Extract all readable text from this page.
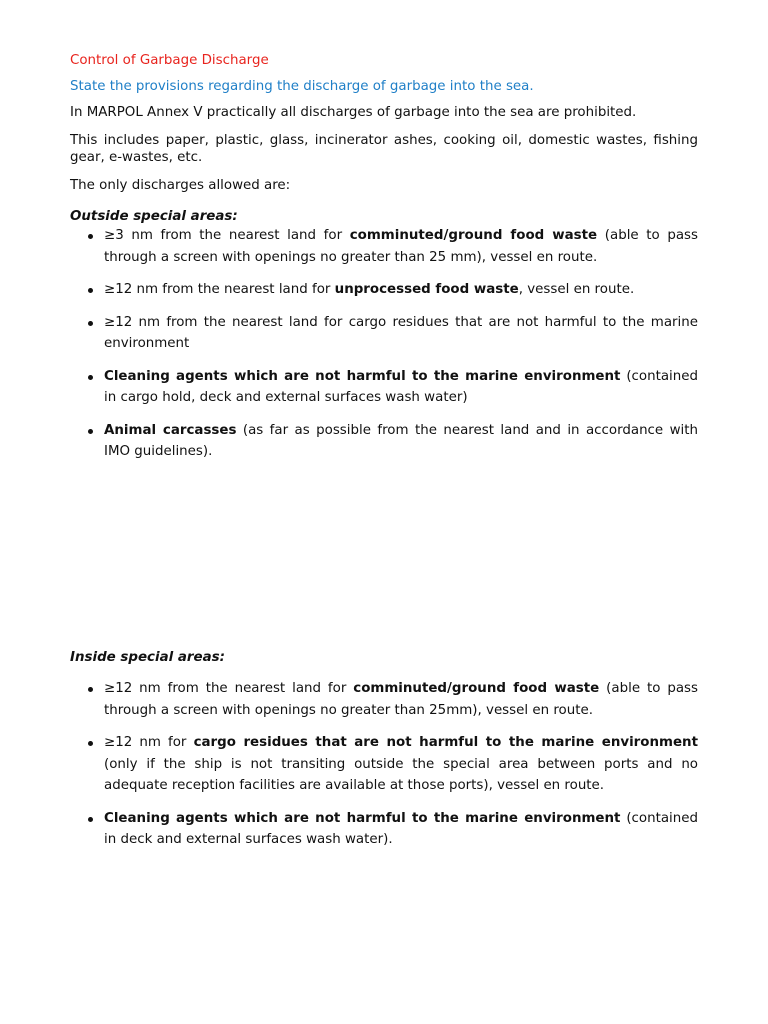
Control of Garbage Discharge

State the provisions regarding the discharge of garbage into the sea.

In MARPOL Annex V practically all discharges of garbage into the sea are prohibited.

This includes paper, plastic, glass, incinerator ashes, cooking oil, domestic wastes, fishing gear, e-wastes, etc.

The only discharges allowed are:

Outside special areas:

≥3 nm from the nearest land for comminuted/ground food waste (able to pass through a screen with openings no greater than 25 mm), vessel en route.
≥12 nm from the nearest land for unprocessed food waste, vessel en route.
≥12 nm from the nearest land for cargo residues that are not harmful to the marine environment
Cleaning agents which are not harmful to the marine environment (contained in cargo hold, deck and external surfaces wash water)
Animal carcasses (as far as possible from the nearest land and in accordance with IMO guidelines).

Inside special areas:

≥12 nm from the nearest land for comminuted/ground food waste (able to pass through a screen with openings no greater than 25mm), vessel en route.
≥12 nm for cargo residues that are not harmful to the marine environment (only if the ship is not transiting outside the special area between ports and no adequate reception facilities are available at those ports), vessel en route.
Cleaning agents which are not harmful to the marine environment (contained in deck and external surfaces wash water).
